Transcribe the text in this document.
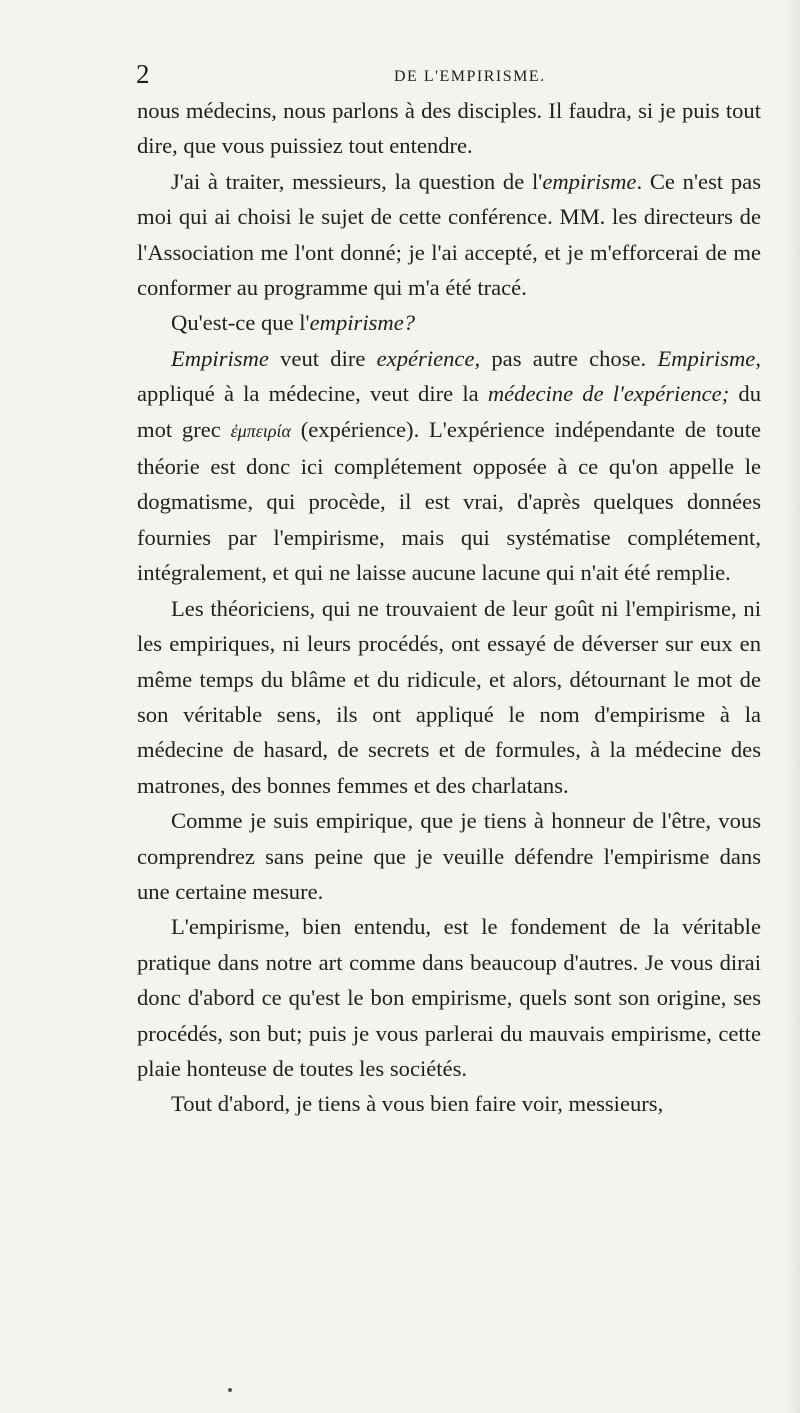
2	DE L'EMPIRISME.

nous médecins, nous parlons à des disciples. Il faudra, si je puis tout dire, que vous puissiez tout entendre.

J'ai à traiter, messieurs, la question de l'empirisme. Ce n'est pas moi qui ai choisi le sujet de cette conférence. MM. les directeurs de l'Association me l'ont donné; je l'ai accepté, et je m'efforcerai de me conformer au programme qui m'a été tracé.

Qu'est-ce que l'empirisme?

Empirisme veut dire expérience, pas autre chose. Empirisme, appliqué à la médecine, veut dire la médecine de l'expérience; du mot grec ἐμπειρία (expérience). L'expérience indépendante de toute théorie est donc ici complétement opposée à ce qu'on appelle le dogmatisme, qui procède, il est vrai, d'après quelques données fournies par l'empirisme, mais qui systématise complétement, intégralement, et qui ne laisse aucune lacune qui n'ait été remplie.

Les théoriciens, qui ne trouvaient de leur goût ni l'empirisme, ni les empiriques, ni leurs procédés, ont essayé de déverser sur eux en même temps du blâme et du ridicule, et alors, détournant le mot de son véritable sens, ils ont appliqué le nom d'empirisme à la médecine de hasard, de secrets et de formules, à la médecine des matrones, des bonnes femmes et des charlatans.

Comme je suis empirique, que je tiens à honneur de l'être, vous comprendrez sans peine que je veuille défendre l'empirisme dans une certaine mesure.

L'empirisme, bien entendu, est le fondement de la véritable pratique dans notre art comme dans beaucoup d'autres. Je vous dirai donc d'abord ce qu'est le bon empirisme, quels sont son origine, ses procédés, son but; puis je vous parlerai du mauvais empirisme, cette plaie honteuse de toutes les sociétés.

Tout d'abord, je tiens à vous bien faire voir, messieurs,
